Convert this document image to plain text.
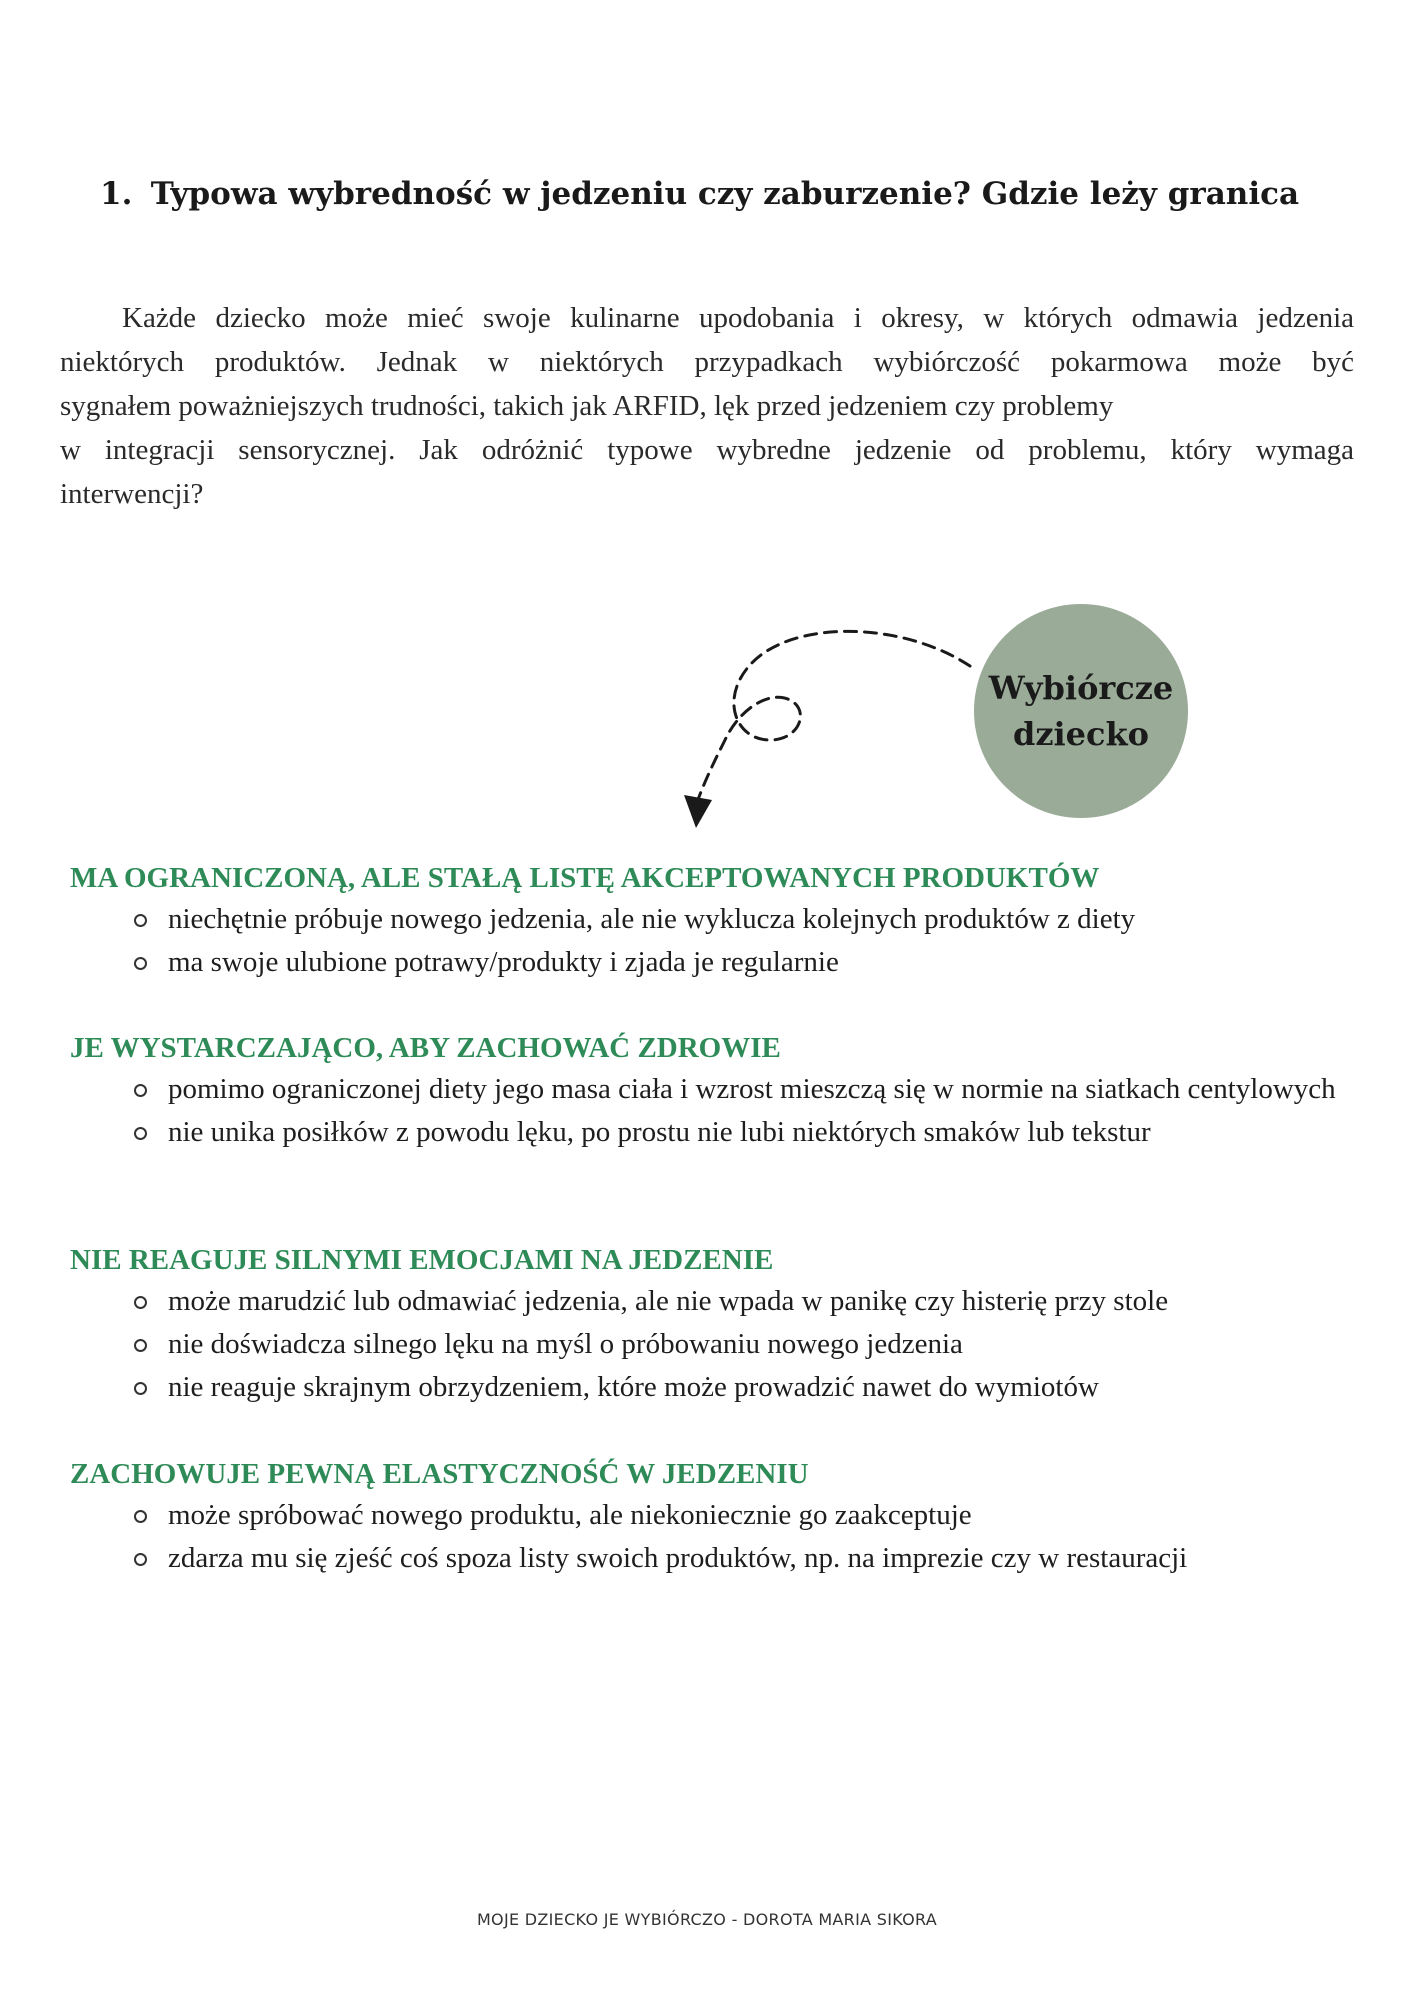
1. Typowa wybredność w jedzeniu czy zaburzenie? Gdzie leży granica
Każde dziecko może mieć swoje kulinarne upodobania i okresy, w których odmawia jedzenia
niektórych produktów. Jednak w niektórych przypadkach wybiórczość pokarmowa może być
sygnałem poważniejszych trudności, takich jak ARFID, lęk przed jedzeniem czy problemy
w integracji sensorycznej. Jak odróżnić typowe wybredne jedzenie od problemu, który wymaga
interwencji?
Wybiórcze
dziecko
MA OGRANICZONĄ, ALE STAŁĄ LISTĘ AKCEPTOWANYCH PRODUKTÓW
niechętnie próbuje nowego jedzenia, ale nie wyklucza kolejnych produktów z diety
ma swoje ulubione potrawy/produkty i zjada je regularnie
JE WYSTARCZAJĄCO, ABY ZACHOWAĆ ZDROWIE
pomimo ograniczonej diety jego masa ciała i wzrost mieszczą się w normie na siatkach centylowych
nie unika posiłków z powodu lęku, po prostu nie lubi niektórych smaków lub tekstur
NIE REAGUJE SILNYMI EMOCJAMI NA JEDZENIE
może marudzić lub odmawiać jedzenia, ale nie wpada w panikę czy histerię przy stole
nie doświadcza silnego lęku na myśl o próbowaniu nowego jedzenia
nie reaguje skrajnym obrzydzeniem, które może prowadzić nawet do wymiotów
ZACHOWUJE PEWNĄ ELASTYCZNOŚĆ W JEDZENIU
może spróbować nowego produktu, ale niekoniecznie go zaakceptuje
zdarza mu się zjeść coś spoza listy swoich produktów, np. na imprezie czy w restauracji
MOJE DZIECKO JE WYBIÓRCZO - DOROTA MARIA SIKORA
